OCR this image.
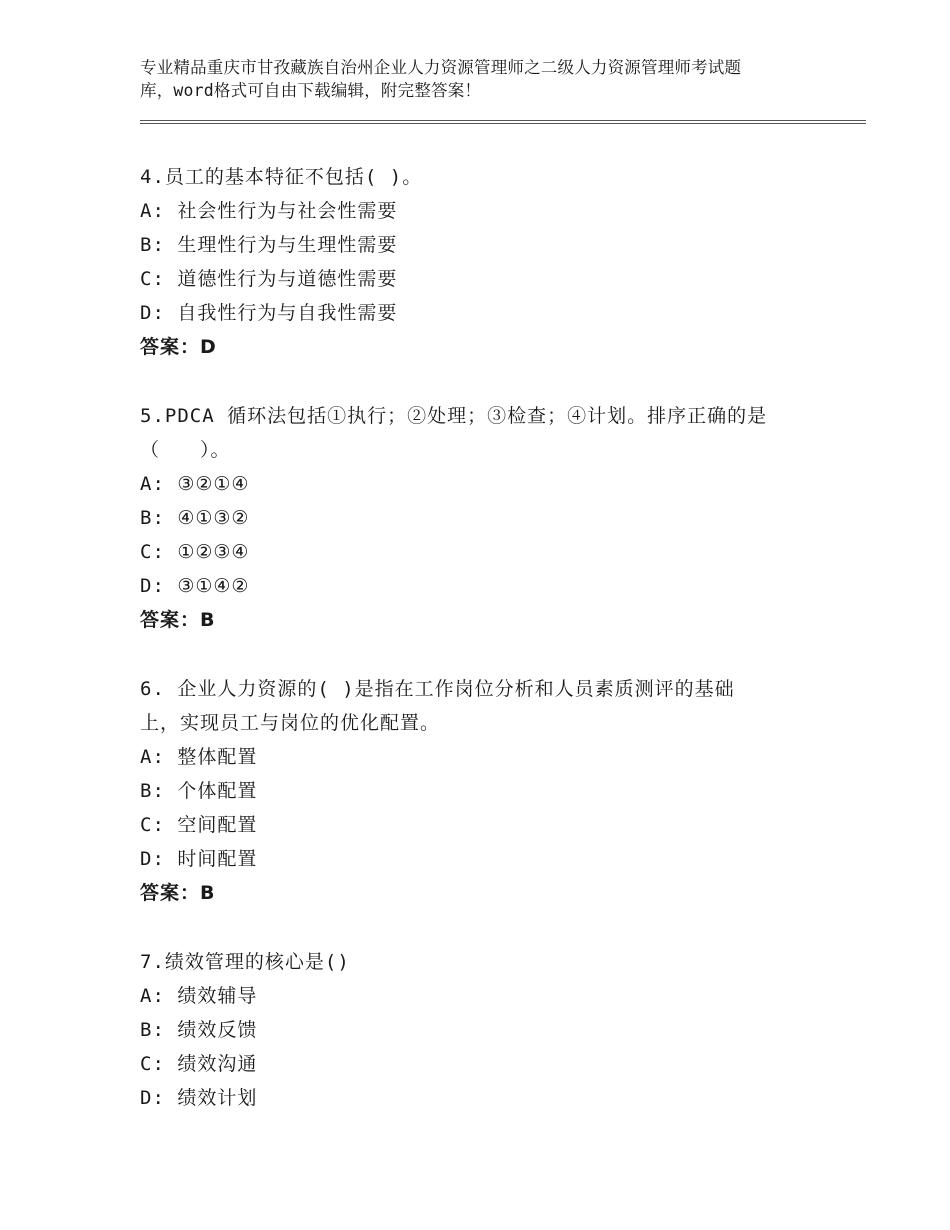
专业精品重庆市甘孜藏族自治州企业人力资源管理师之二级人力资源管理师考试题
库，word格式可自由下载编辑，附完整答案！
4.员工的基本特征不包括( )。
A: 社会性行为与社会性需要
B: 生理性行为与生理性需要
C: 道德性行为与道德性需要
D: 自我性行为与自我性需要
答案：D
5.PDCA 循环法包括①执行；②处理；③检查；④计划。排序正确的是
（　　）。
A: ③②①④
B: ④①③②
C: ①②③④
D: ③①④②
答案：B
6. 企业人力资源的( )是指在工作岗位分析和人员素质测评的基础
上，实现员工与岗位的优化配置。
A: 整体配置
B: 个体配置
C: 空间配置
D: 时间配置
答案：B
7.绩效管理的核心是()
A: 绩效辅导
B: 绩效反馈
C: 绩效沟通
D: 绩效计划
